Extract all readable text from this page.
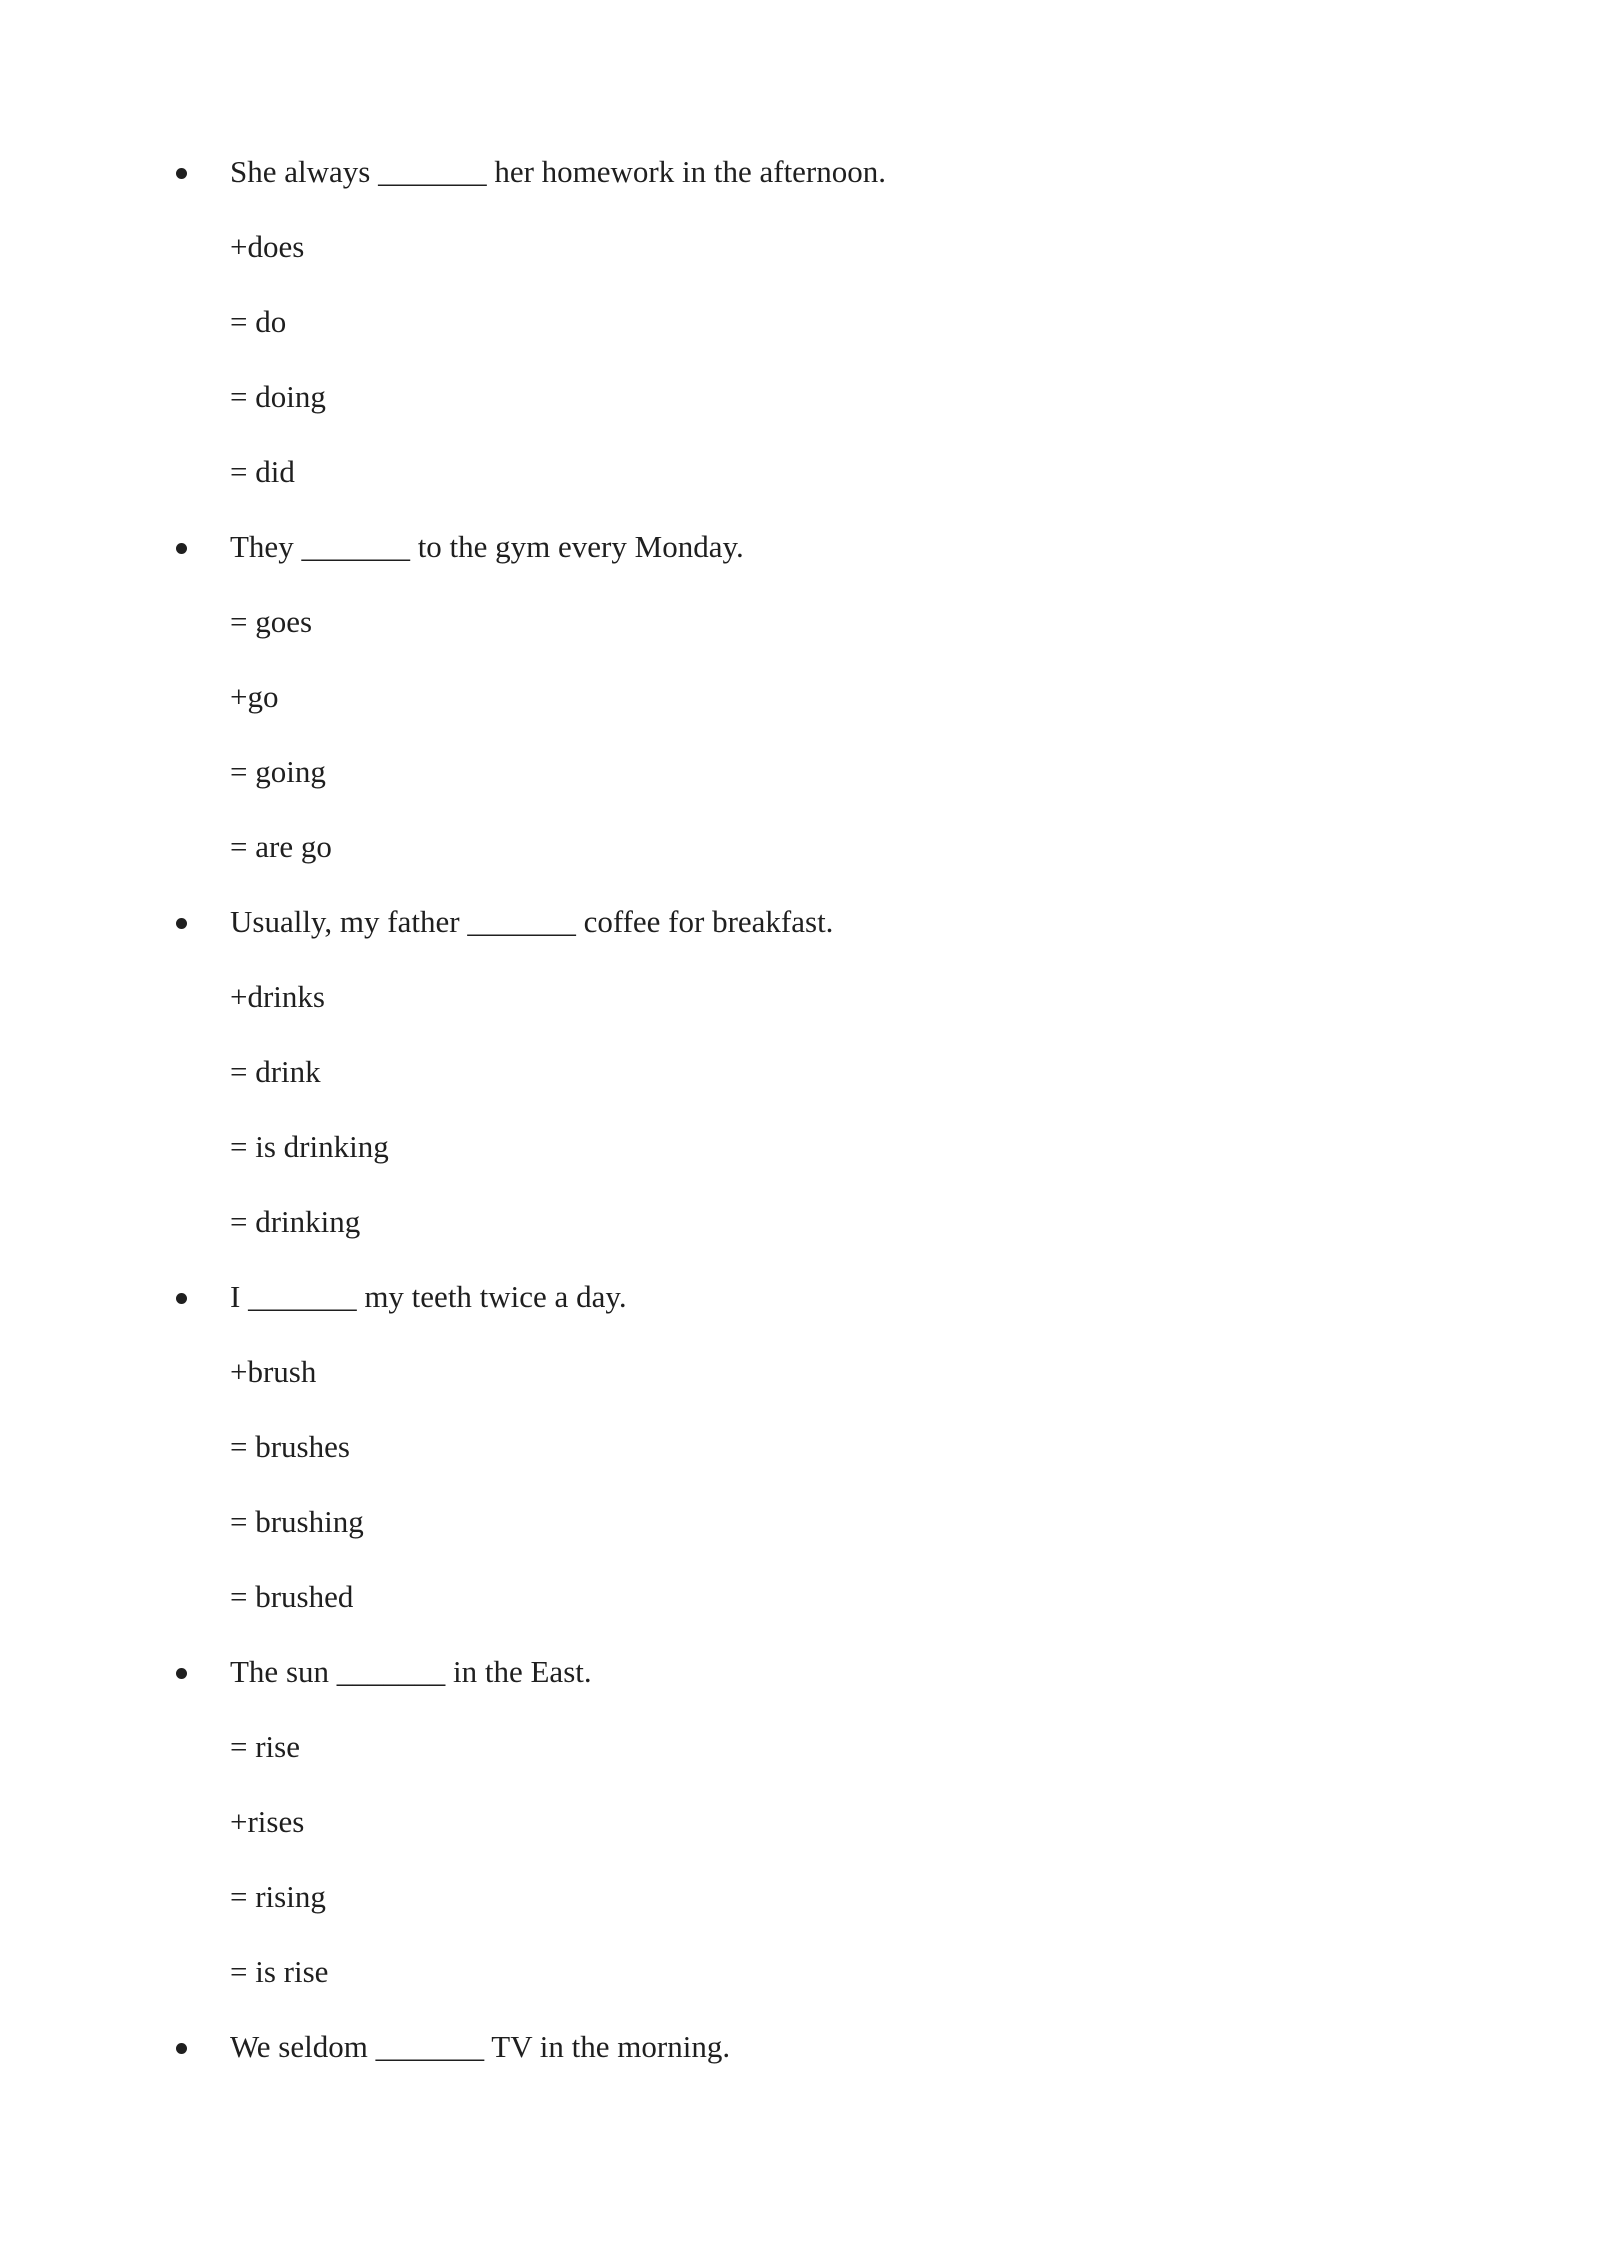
She always _______ her homework in the afternoon.
+does
= do
= doing
= did
They _______ to the gym every Monday.
= goes
+go
= going
= are go
Usually, my father _______ coffee for breakfast.
+drinks
= drink
= is drinking
= drinking
I _______ my teeth twice a day.
+brush
= brushes
= brushing
= brushed
The sun _______ in the East.
= rise
+rises
= rising
= is rise
We seldom _______ TV in the morning.
